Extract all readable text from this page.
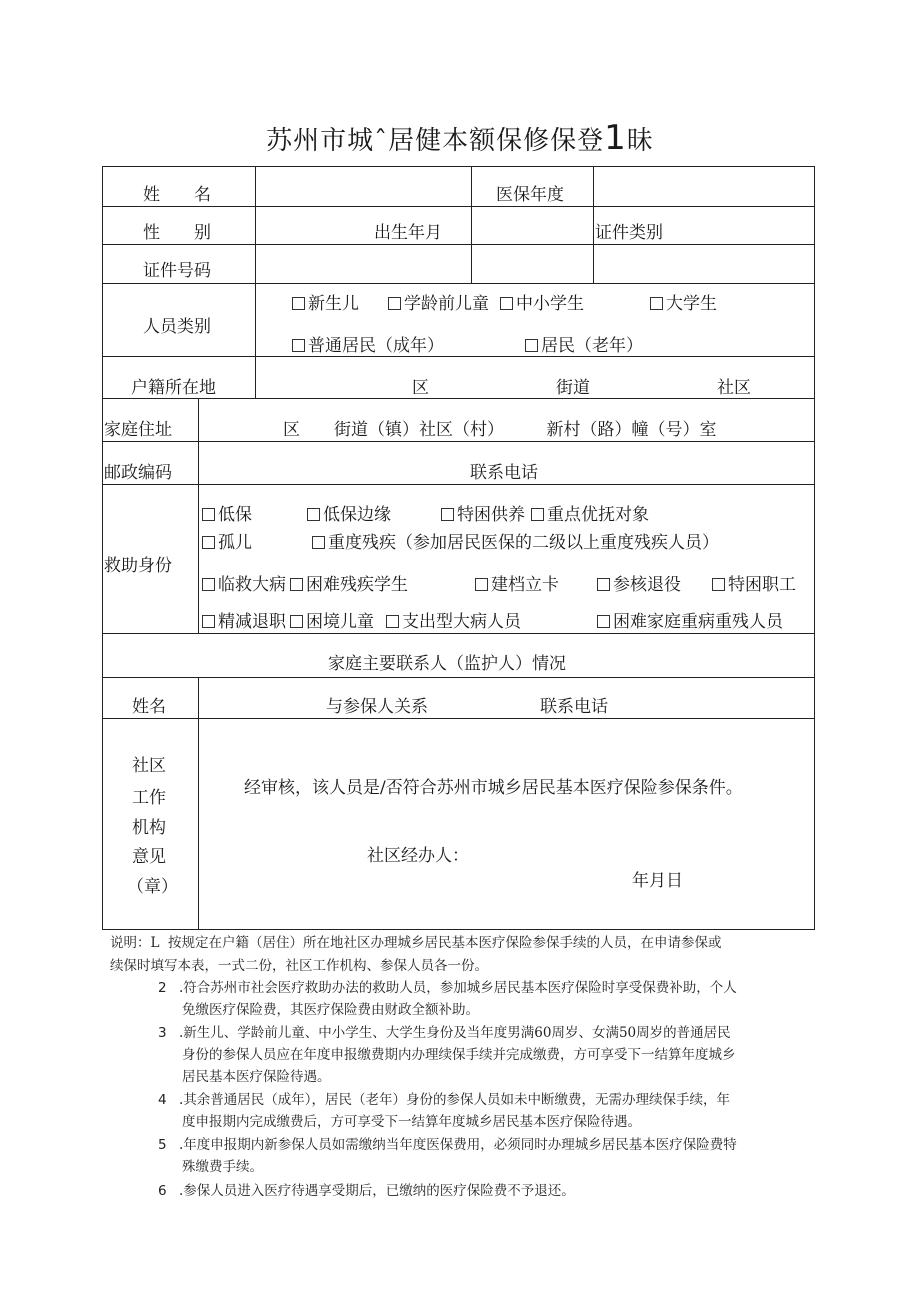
苏州市城ˆ居健本额保修保登1昧
姓　　名	医保年度
性　　别	出生年月	证件类别
证件号码
人员类别
新生儿	学龄前儿童	中小学生	大学生
普通居民（成年）	居民（老年）
户籍所在地	区	街道	社区
家庭住址	区　　街道（镇）社区（村）　　　新村（路）幢（号）室
邮政编码	联系电话
救助身份
低保	低保边缘	特困供养	重点优抚对象
孤儿	重度残疾（参加居民医保的二级以上重度残疾人员）
临救大病	困难残疾学生	建档立卡	参核退役	特困职工
精减退职	困境儿童	支出型大病人员	困难家庭重病重残人员
家庭主要联系人（监护人）情况
姓名	与参保人关系	联系电话
社区
工作
机构
意见
（章）
经审核，该人员是/否符合苏州市城乡居民基本医疗保险参保条件。
社区经办人：
年月日
说明：L 按规定在户籍（居住）所在地社区办理城乡居民基本医疗保险参保手续的人员，在申请参保或
续保时填写本表，一式二份，社区工作机构、参保人员各一份。
2 .符合苏州市社会医疗救助办法的救助人员，参加城乡居民基本医疗保险时享受保费补助，个人
免缴医疗保险费，其医疗保险费由财政全额补助。
3 .新生儿、学龄前儿童、中小学生、大学生身份及当年度男满60周岁、女满50周岁的普通居民
身份的参保人员应在年度申报缴费期内办理续保手续并完成缴费，方可享受下一结算年度城乡
居民基本医疗保险待遇。
4 .其余普通居民（成年），居民（老年）身份的参保人员如未中断缴费，无需办理续保手续，年
度申报期内完成缴费后，方可享受下一结算年度城乡居民基本医疗保险待遇。
5 .年度申报期内新参保人员如需缴纳当年度医保费用，必须同时办理城乡居民基本医疗保险费特
殊缴费手续。
6 .参保人员进入医疗待遇享受期后，已缴纳的医疗保险费不予退还。
